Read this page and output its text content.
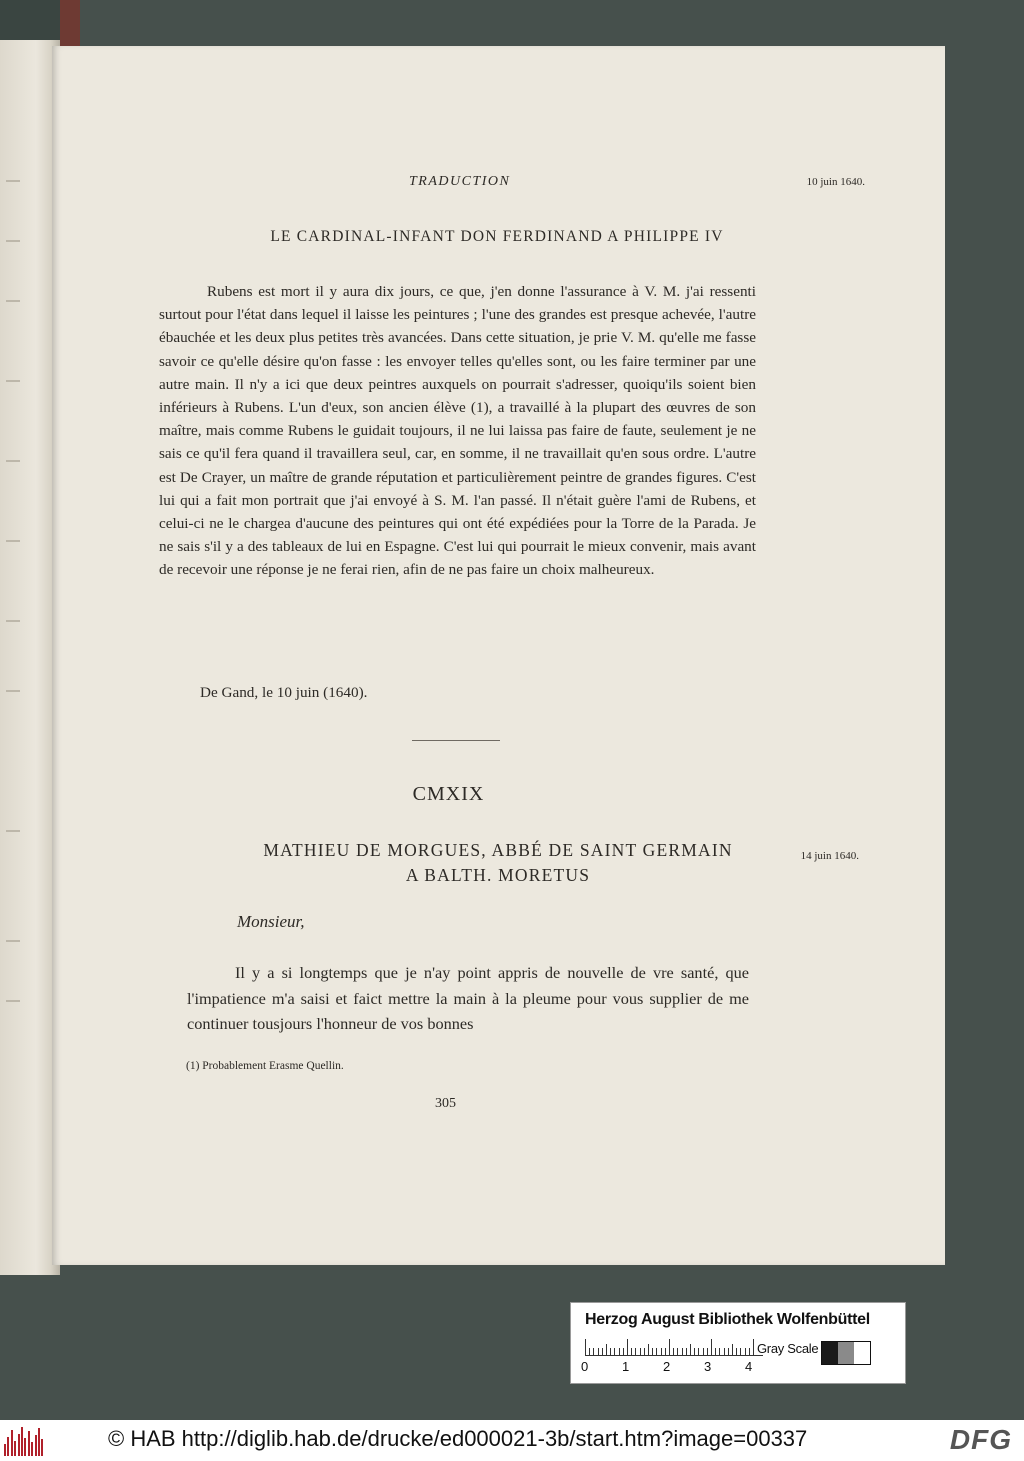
TRADUCTION	10 juin 1640.
LE CARDINAL-INFANT DON FERDINAND A PHILIPPE IV

Rubens est mort il y aura dix jours, ce que, j'en donne l'assurance à V. M. j'ai ressenti surtout pour l'état dans lequel il laisse les peintures ; l'une des grandes est presque achevée, l'autre ébauchée et les deux plus petites très avancées. Dans cette situation, je prie V. M. qu'elle me fasse savoir ce qu'elle désire qu'on fasse : les envoyer telles qu'elles sont, ou les faire terminer par une autre main. Il n'y a ici que deux peintres auxquels on pourrait s'adresser, quoiqu'ils soient bien inférieurs à Rubens. L'un d'eux, son ancien élève (1), a travaillé à la plupart des œuvres de son maître, mais comme Rubens le guidait toujours, il ne lui laissa pas faire de faute, seulement je ne sais ce qu'il fera quand il travaillera seul, car, en somme, il ne travaillait qu'en sous ordre. L'autre est De Crayer, un maître de grande réputation et particulièrement peintre de grandes figures. C'est lui qui a fait mon portrait que j'ai envoyé à S. M. l'an passé. Il n'était guère l'ami de Rubens, et celui-ci ne le chargea d'aucune des peintures qui ont été expédiées pour la Torre de la Parada. Je ne sais s'il y a des tableaux de lui en Espagne. C'est lui qui pourrait le mieux convenir, mais avant de recevoir une réponse je ne ferai rien, afin de ne pas faire un choix malheureux.

De Gand, le 10 juin (1640).
CMXIX
MATHIEU DE MORGUES, ABBÉ DE SAINT GERMAIN
A BALTH. MORETUS
14 juin 1640.
Monsieur,

Il y a si longtemps que je n'ay point appris de nouvelle de vre santé, que l'impatience m'a saisi et faict mettre la main à la pleume pour vous supplier de me continuer tousjours l'honneur de vos bonnes

(1) Probablement Erasme Quellin.
305
Herzog August Bibliothek Wolfenbüttel
0	1	2	3	4
Gray Scale
© HAB http://diglib.hab.de/drucke/ed000021-3b/start.htm?image=00337	DFG
